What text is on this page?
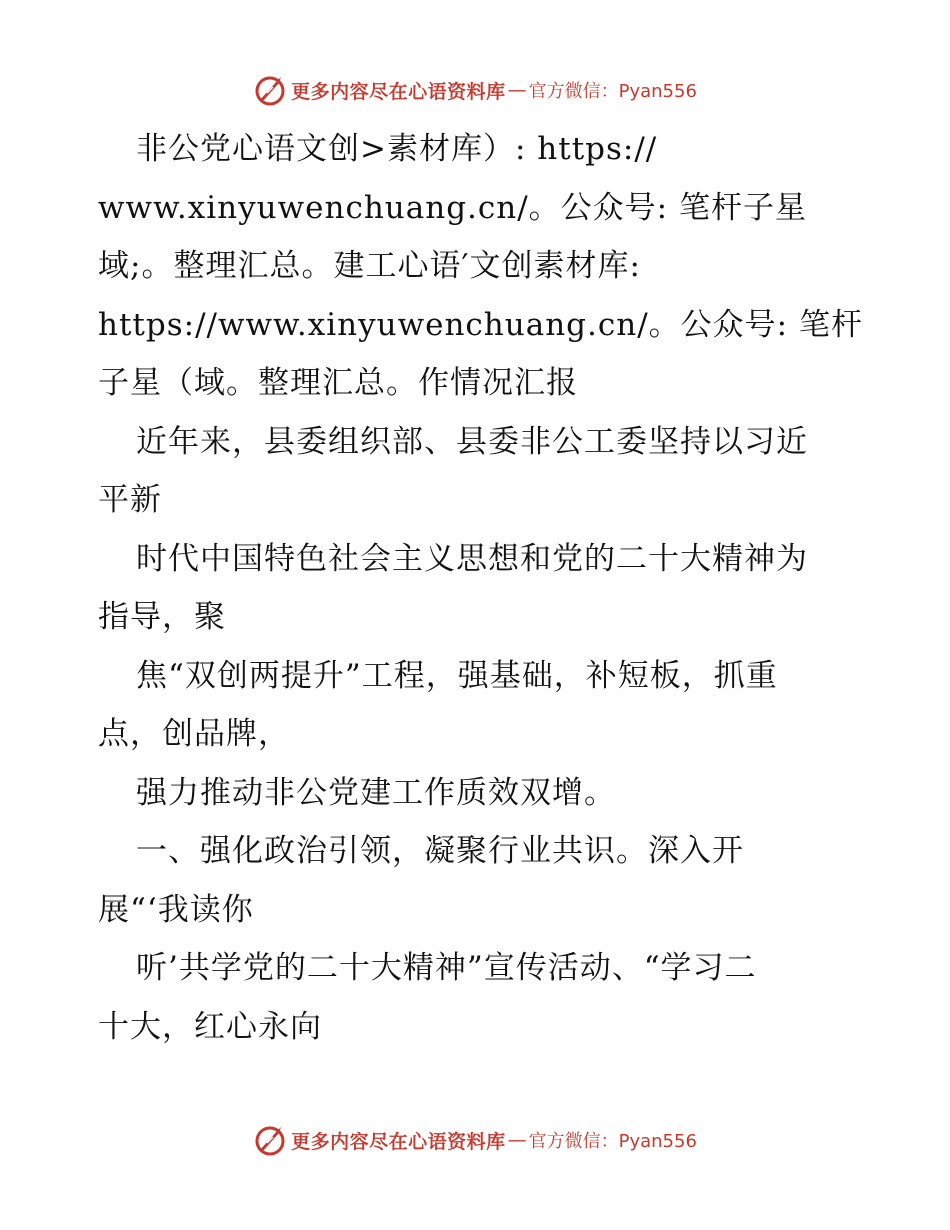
更多内容尽在心语资料库 — 官方微信：Pyan556
非公党心语文创>素材库）: https://
www.xinyuwenchuang.cn/。公众号: 笔杆子星
域;。整理汇总。建工心语′文创素材库:
https://www.xinyuwenchuang.cn/。公众号: 笔杆
子星（域。整理汇总。作情况汇报
近年来，县委组织部、县委非公工委坚持以习近
平新
时代中国特色社会主义思想和党的二十大精神为
指导，聚
焦“双创两提升”工程，强基础，补短板，抓重
点，创品牌，
强力推动非公党建工作质效双增。
一、强化政治引领，凝聚行业共识。深入开
展“‘我读你
听’共学党的二十大精神”宣传活动、“学习二
十大，红心永向
更多内容尽在心语资料库 — 官方微信：Pyan556
